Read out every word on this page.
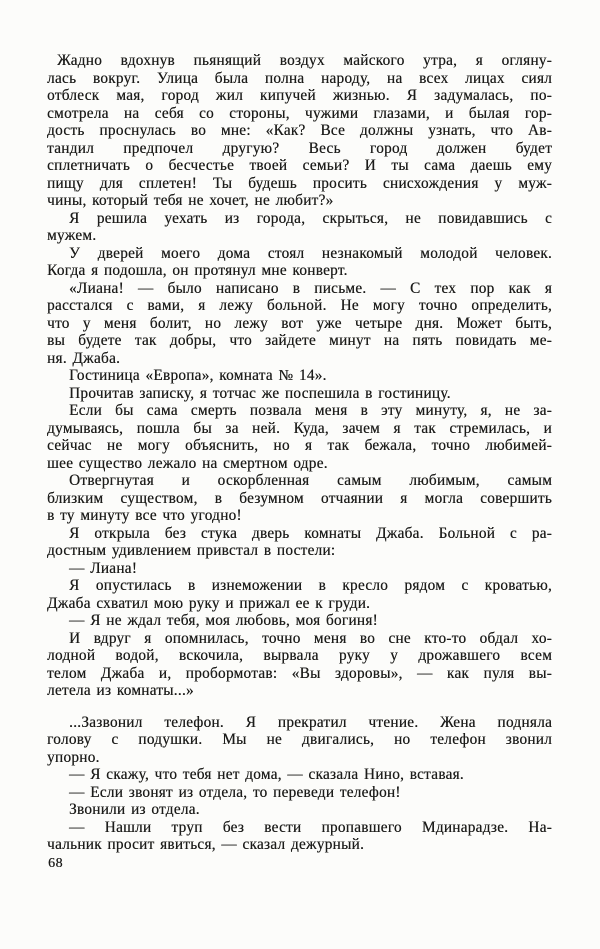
Жадно вдохнув пьянящий воздух майского утра, я огляну-
лась вокруг. Улица была полна народу, на всех лицах сиял
отблеск мая, город жил кипучей жизнью. Я задумалась, по-
смотрела на себя со стороны, чужими глазами, и былая гор-
дость проснулась во мне: «Как? Все должны узнать, что Ав-
тандил предпочел другую? Весь город должен будет
сплетничать о бесчестье твоей семьи? И ты сама даешь ему
пищу для сплетен! Ты будешь просить снисхождения у муж-
чины, который тебя не хочет, не любит?»
Я решила уехать из города, скрыться, не повидавшись с
мужем.
У дверей моего дома стоял незнакомый молодой человек.
Когда я подошла, он протянул мне конверт.
«Лиана! — было написано в письме. — С тех пор как я
расстался с вами, я лежу больной. Не могу точно определить,
что у меня болит, но лежу вот уже четыре дня. Может быть,
вы будете так добры, что зайдете минут на пять повидать ме-
ня. Джаба.
Гостиница «Европа», комната № 14».
Прочитав записку, я тотчас же поспешила в гостиницу.
Если бы сама смерть позвала меня в эту минуту, я, не за-
думываясь, пошла бы за ней. Куда, зачем я так стремилась, и
сейчас не могу объяснить, но я так бежала, точно любимей-
шее существо лежало на смертном одре.
Отвергнутая и оскорбленная самым любимым, самым
близким существом, в безумном отчаянии я могла совершить
в ту минуту все что угодно!
Я открыла без стука дверь комнаты Джаба. Больной с ра-
достным удивлением привстал в постели:
— Лиана!
Я опустилась в изнеможении в кресло рядом с кроватью,
Джаба схватил мою руку и прижал ее к груди.
— Я не ждал тебя, моя любовь, моя богиня!
И вдруг я опомнилась, точно меня во сне кто-то обдал хо-
лодной водой, вскочила, вырвала руку у дрожавшего всем
телом Джаба и, пробормотав: «Вы здоровы», — как пуля вы-
летела из комнаты...»
...Зазвонил телефон. Я прекратил чтение. Жена подняла
голову с подушки. Мы не двигались, но телефон звонил
упорно.
— Я скажу, что тебя нет дома, — сказала Нино, вставая.
— Если звонят из отдела, то переведи телефон!
Звонили из отдела.
— Нашли труп без вести пропавшего Мдинарадзе. На-
чальник просит явиться, — сказал дежурный.
68
